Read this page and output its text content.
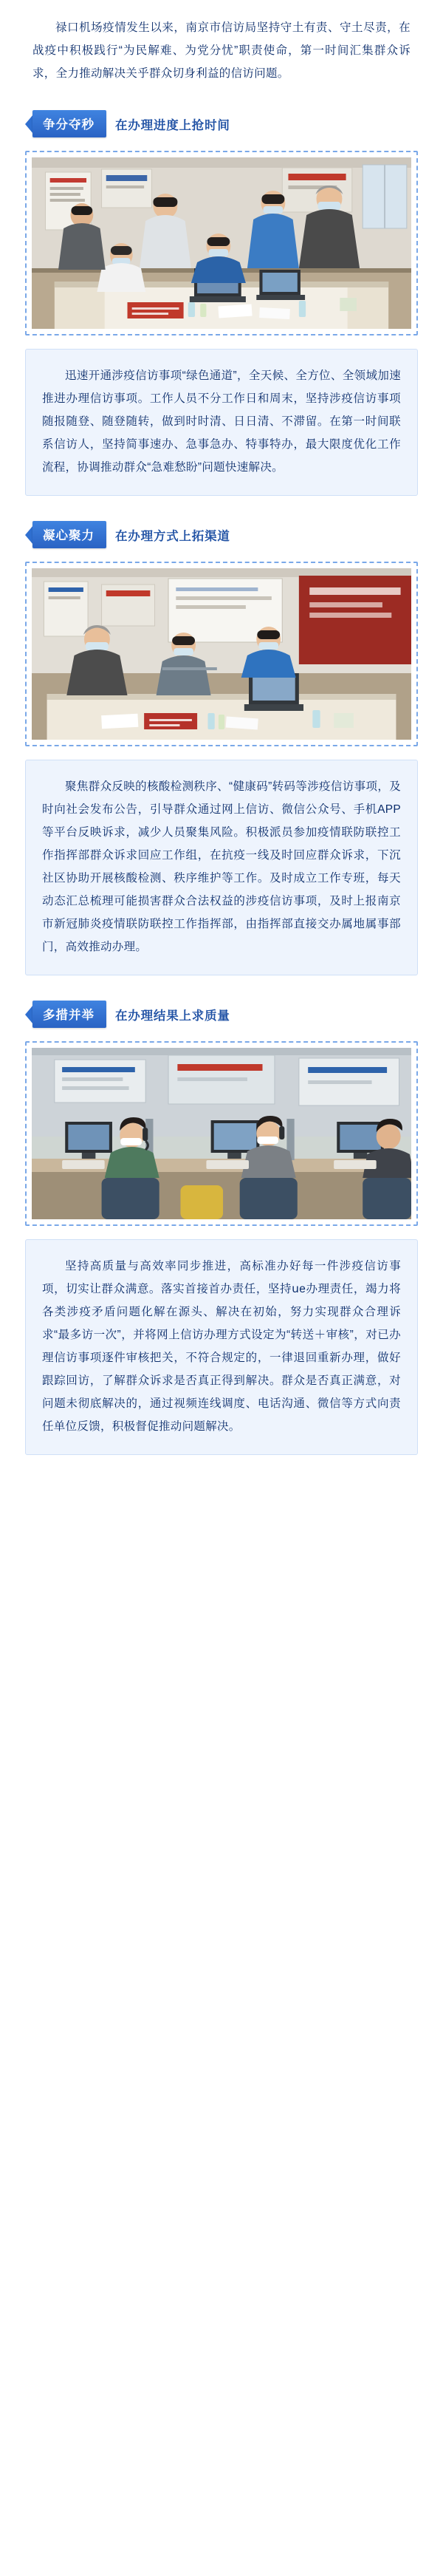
禄口机场疫情发生以来，南京市信访局坚持守土有责、守土尽责，在战疫中积极践行“为民解难、为党分忧”职责使命，第一时间汇集群众诉求，全力推动解决关乎群众切身利益的信访问题。

争分夺秒	在办理进度上抢时间

迅速开通涉疫信访事项“绿色通道”，全天候、全方位、全领域加速推进办理信访事项。工作人员不分工作日和周末，坚持涉疫信访事项随报随登、随登随转，做到时时清、日日清、不滞留。在第一时间联系信访人，坚持简事速办、急事急办、特事特办，最大限度优化工作流程，协调推动群众“急难愁盼”问题快速解决。

凝心聚力	在办理方式上拓渠道

聚焦群众反映的核酸检测秩序、“健康码”转码等涉疫信访事项，及时向社会发布公告，引导群众通过网上信访、微信公众号、手机APP等平台反映诉求，减少人员聚集风险。积极派员参加疫情联防联控工作指挥部群众诉求回应工作组，在抗疫一线及时回应群众诉求，下沉社区协助开展核酸检测、秩序维护等工作。及时成立工作专班，每天动态汇总梳理可能损害群众合法权益的涉疫信访事项，及时上报南京市新冠肺炎疫情联防联控工作指挥部，由指挥部直接交办属地属事部门，高效推动办理。

多措并举	在办理结果上求质量

坚持高质量与高效率同步推进，高标准办好每一件涉疫信访事项，切实让群众满意。落实首接首办责任，坚持սe办理责任，竭力将各类涉疫矛盾问题化解在源头、解决在初始，努力实现群众合理诉求“最多访一次”，并将网上信访办理方式设定为“转送＋审核”，对已办理信访事项逐件审核把关，不符合规定的，一律退回重新办理，做好跟踪回访，了解群众诉求是否真正得到解决。群众是否真正满意，对问题未彻底解决的，通过视频连线调度、电话沟通、微信等方式向责任单位反馈，积极督促推动问题解决。
